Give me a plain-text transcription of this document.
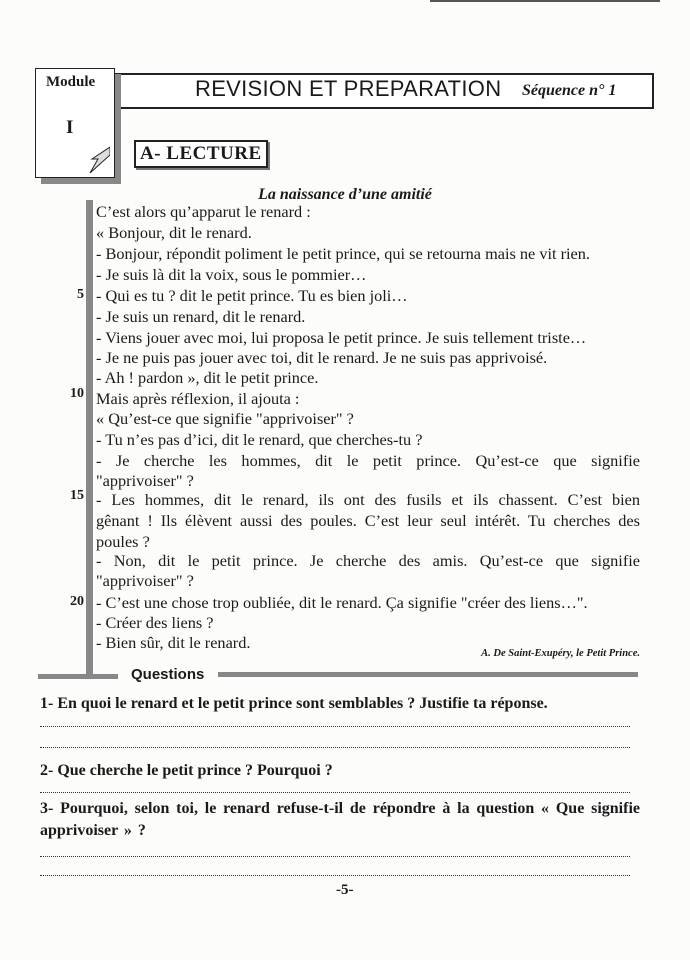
REVISION ET PREPARATION Séquence n° 1
Module
I
A- LECTURE
La naissance d’une amitié
C’est alors qu’apparut le renard :
« Bonjour, dit le renard.
- Bonjour, répondit poliment le petit prince, qui se retourna mais ne vit rien.
- Je suis là dit la voix, sous le pommier…
- Qui es tu ? dit le petit prince. Tu es bien joli…
- Je suis un renard, dit le renard.
- Viens jouer avec moi, lui proposa le petit prince. Je suis tellement triste…
- Je ne puis pas jouer avec toi, dit le renard. Je ne suis pas apprivoisé.
- Ah ! pardon », dit le petit prince.
Mais après réflexion, il ajouta :
« Qu’est-ce que signifie "apprivoiser" ?
- Tu n’es pas d’ici, dit le renard, que cherches-tu ?
- Je cherche les hommes, dit le petit prince. Qu’est-ce que signifie
"apprivoiser" ?
- Les hommes, dit le renard, ils ont des fusils et ils chassent. C’est bien
gênant ! Ils élèvent aussi des poules. C’est leur seul intérêt. Tu cherches des
poules ?
- Non, dit le petit prince. Je cherche des amis. Qu’est-ce que signifie
"apprivoiser" ?
- C’est une chose trop oubliée, dit le renard. Ça signifie "créer des liens…".
- Créer des liens ?
- Bien sûr, dit le renard.
5
10
15
20
A. De Saint-Exupéry, le Petit Prince.
Questions
1- En quoi le renard et le petit prince sont semblables ? Justifie ta réponse.
2- Que cherche le petit prince ? Pourquoi ?
3- Pourquoi, selon toi, le renard refuse-t-il de répondre à la question « Que signifie apprivoiser » ?
-5-
